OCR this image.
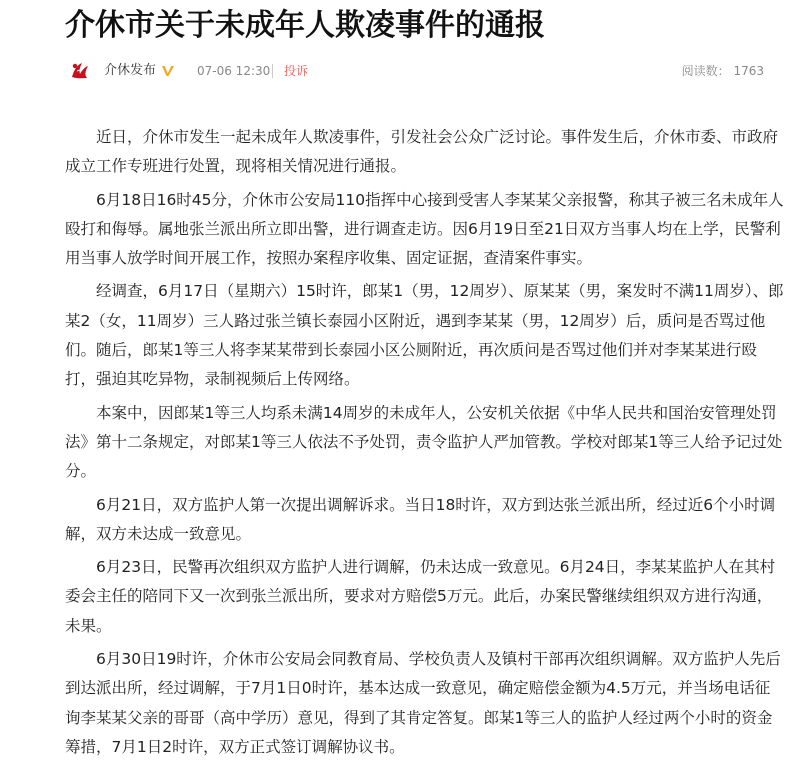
介休市关于未成年人欺凌事件的通报
介休发布	07-06 12:30 投诉	阅读数： 1763

近日，介休市发生一起未成年人欺凌事件，引发社会公众广泛讨论。事件发生后，介休市委、市政府成立工作专班进行处置，现将相关情况进行通报。

6月18日16时45分，介休市公安局110指挥中心接到受害人李某某父亲报警，称其子被三名未成年人殴打和侮辱。属地张兰派出所立即出警，进行调查走访。因6月19日至21日双方当事人均在上学，民警利用当事人放学时间开展工作，按照办案程序收集、固定证据，查清案件事实。

经调查，6月17日（星期六）15时许，郎某1（男，12周岁）、原某某（男，案发时不满11周岁）、郎某2（女，11周岁）三人路过张兰镇长泰园小区附近，遇到李某某（男，12周岁）后，质问是否骂过他们。随后，郎某1等三人将李某某带到长泰园小区公厕附近，再次质问是否骂过他们并对李某某进行殴打，强迫其吃异物，录制视频后上传网络。

本案中，因郎某1等三人均系未满14周岁的未成年人，公安机关依据《中华人民共和国治安管理处罚法》第十二条规定，对郎某1等三人依法不予处罚，责令监护人严加管教。学校对郎某1等三人给予记过处分。

6月21日，双方监护人第一次提出调解诉求。当日18时许，双方到达张兰派出所，经过近6个小时调解，双方未达成一致意见。

6月23日，民警再次组织双方监护人进行调解，仍未达成一致意见。6月24日，李某某监护人在其村委会主任的陪同下又一次到张兰派出所，要求对方赔偿5万元。此后，办案民警继续组织双方进行沟通，未果。

6月30日19时许，介休市公安局会同教育局、学校负责人及镇村干部再次组织调解。双方监护人先后到达派出所，经过调解，于7月1日0时许，基本达成一致意见，确定赔偿金额为4.5万元，并当场电话征询李某某父亲的哥哥（高中学历）意见，得到了其肯定答复。郎某1等三人的监护人经过两个小时的资金筹措，7月1日2时许，双方正式签订调解协议书。
